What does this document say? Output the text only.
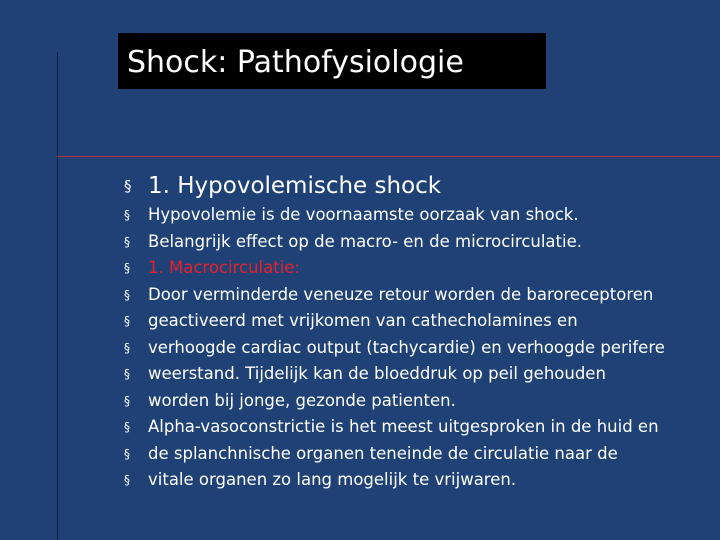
Shock: Pathofysiologie
§ 1. Hypovolemische shock
§	Hypovolemie is de voornaamste oorzaak van shock.
§	Belangrijk effect op de macro- en de microcirculatie.
§	1. Macrocirculatie:
§	Door verminderde veneuze retour worden de baroreceptoren
§	geactiveerd met vrijkomen van cathecholamines en
§	verhoogde cardiac output (tachycardie) en verhoogde perifere
§	weerstand. Tijdelijk kan de bloeddruk op peil gehouden
§	worden bij jonge, gezonde patienten.
§	Alpha-vasoconstrictie is het meest uitgesproken in de huid en
§	de splanchnische organen teneinde de circulatie naar de
§	vitale organen zo lang mogelijk te vrijwaren.
